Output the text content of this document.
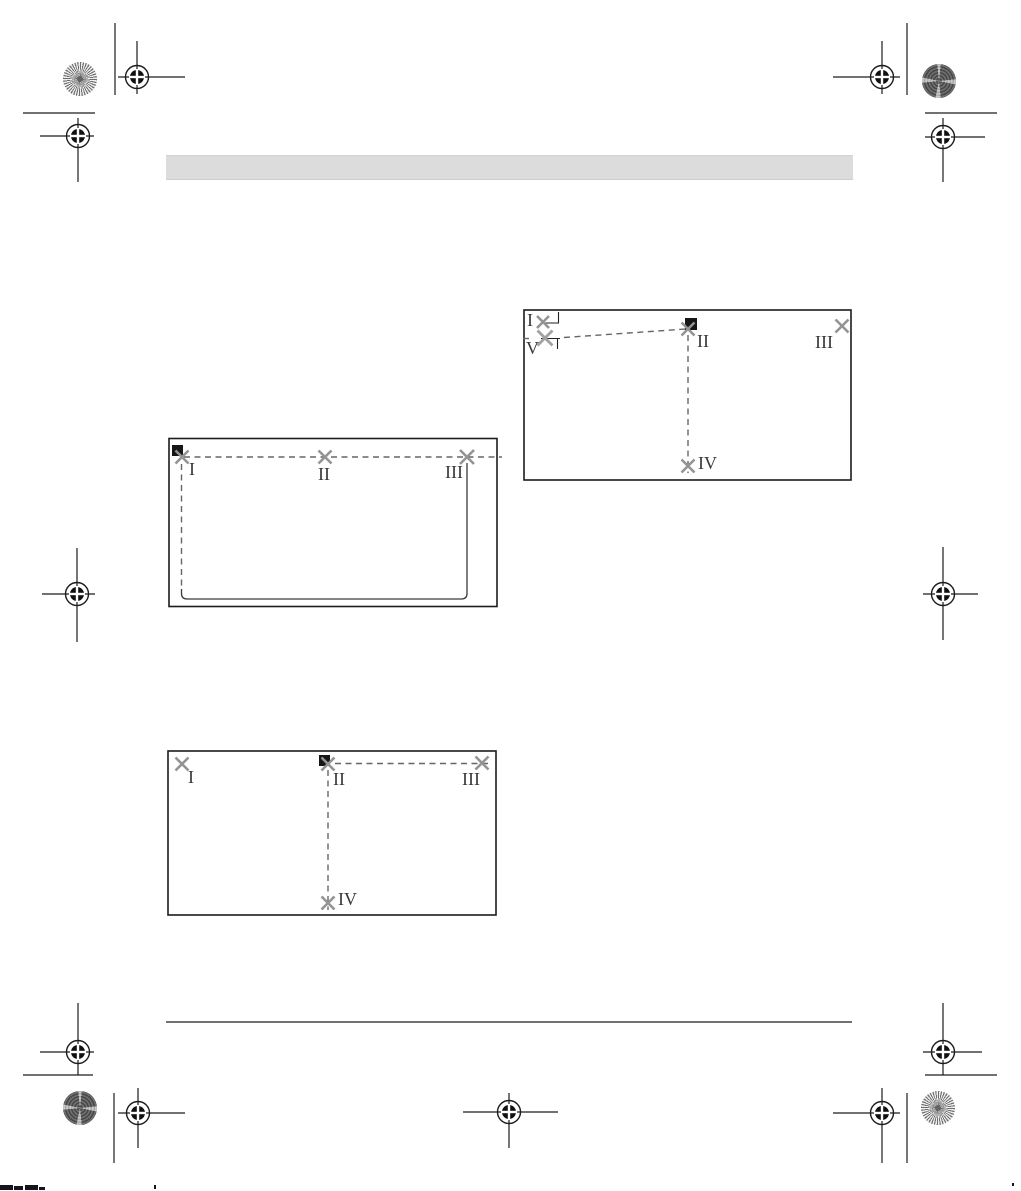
I	II	III
I
V	II	III
IV
I	II	III
IV
